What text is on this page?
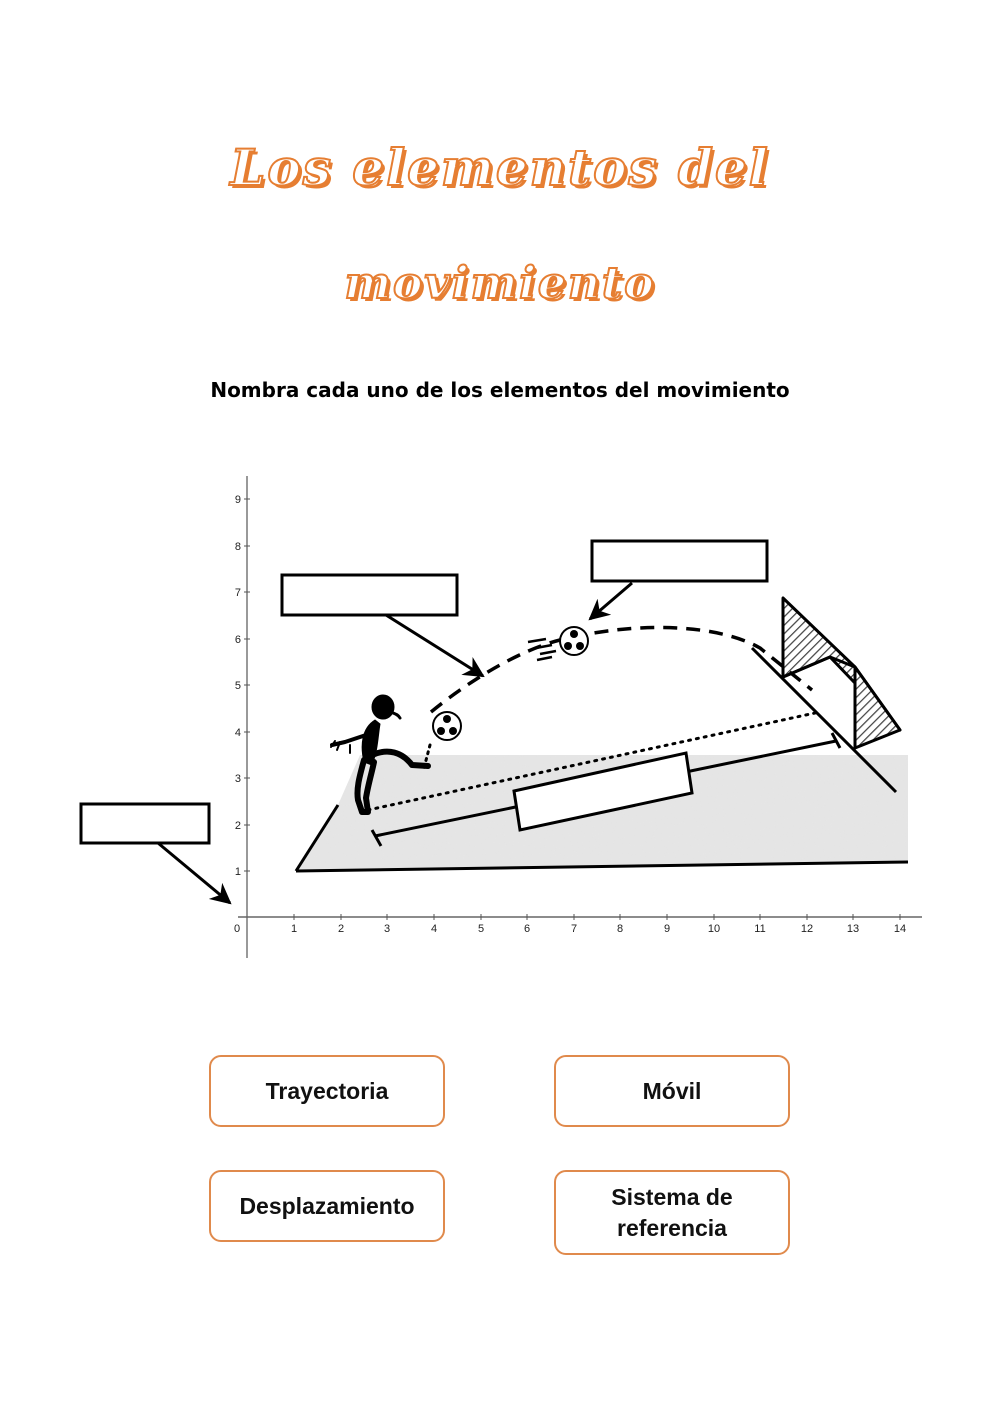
Los elementos del
movimiento
Nombra cada uno de los elementos del movimiento
0	1	2	3	4	5	6	7	8	9	10	11	12	13	14
1
2
3
4
5
6
7
8
9
Trayectoria	Móvil
Desplazamiento	Sistema de referencia
